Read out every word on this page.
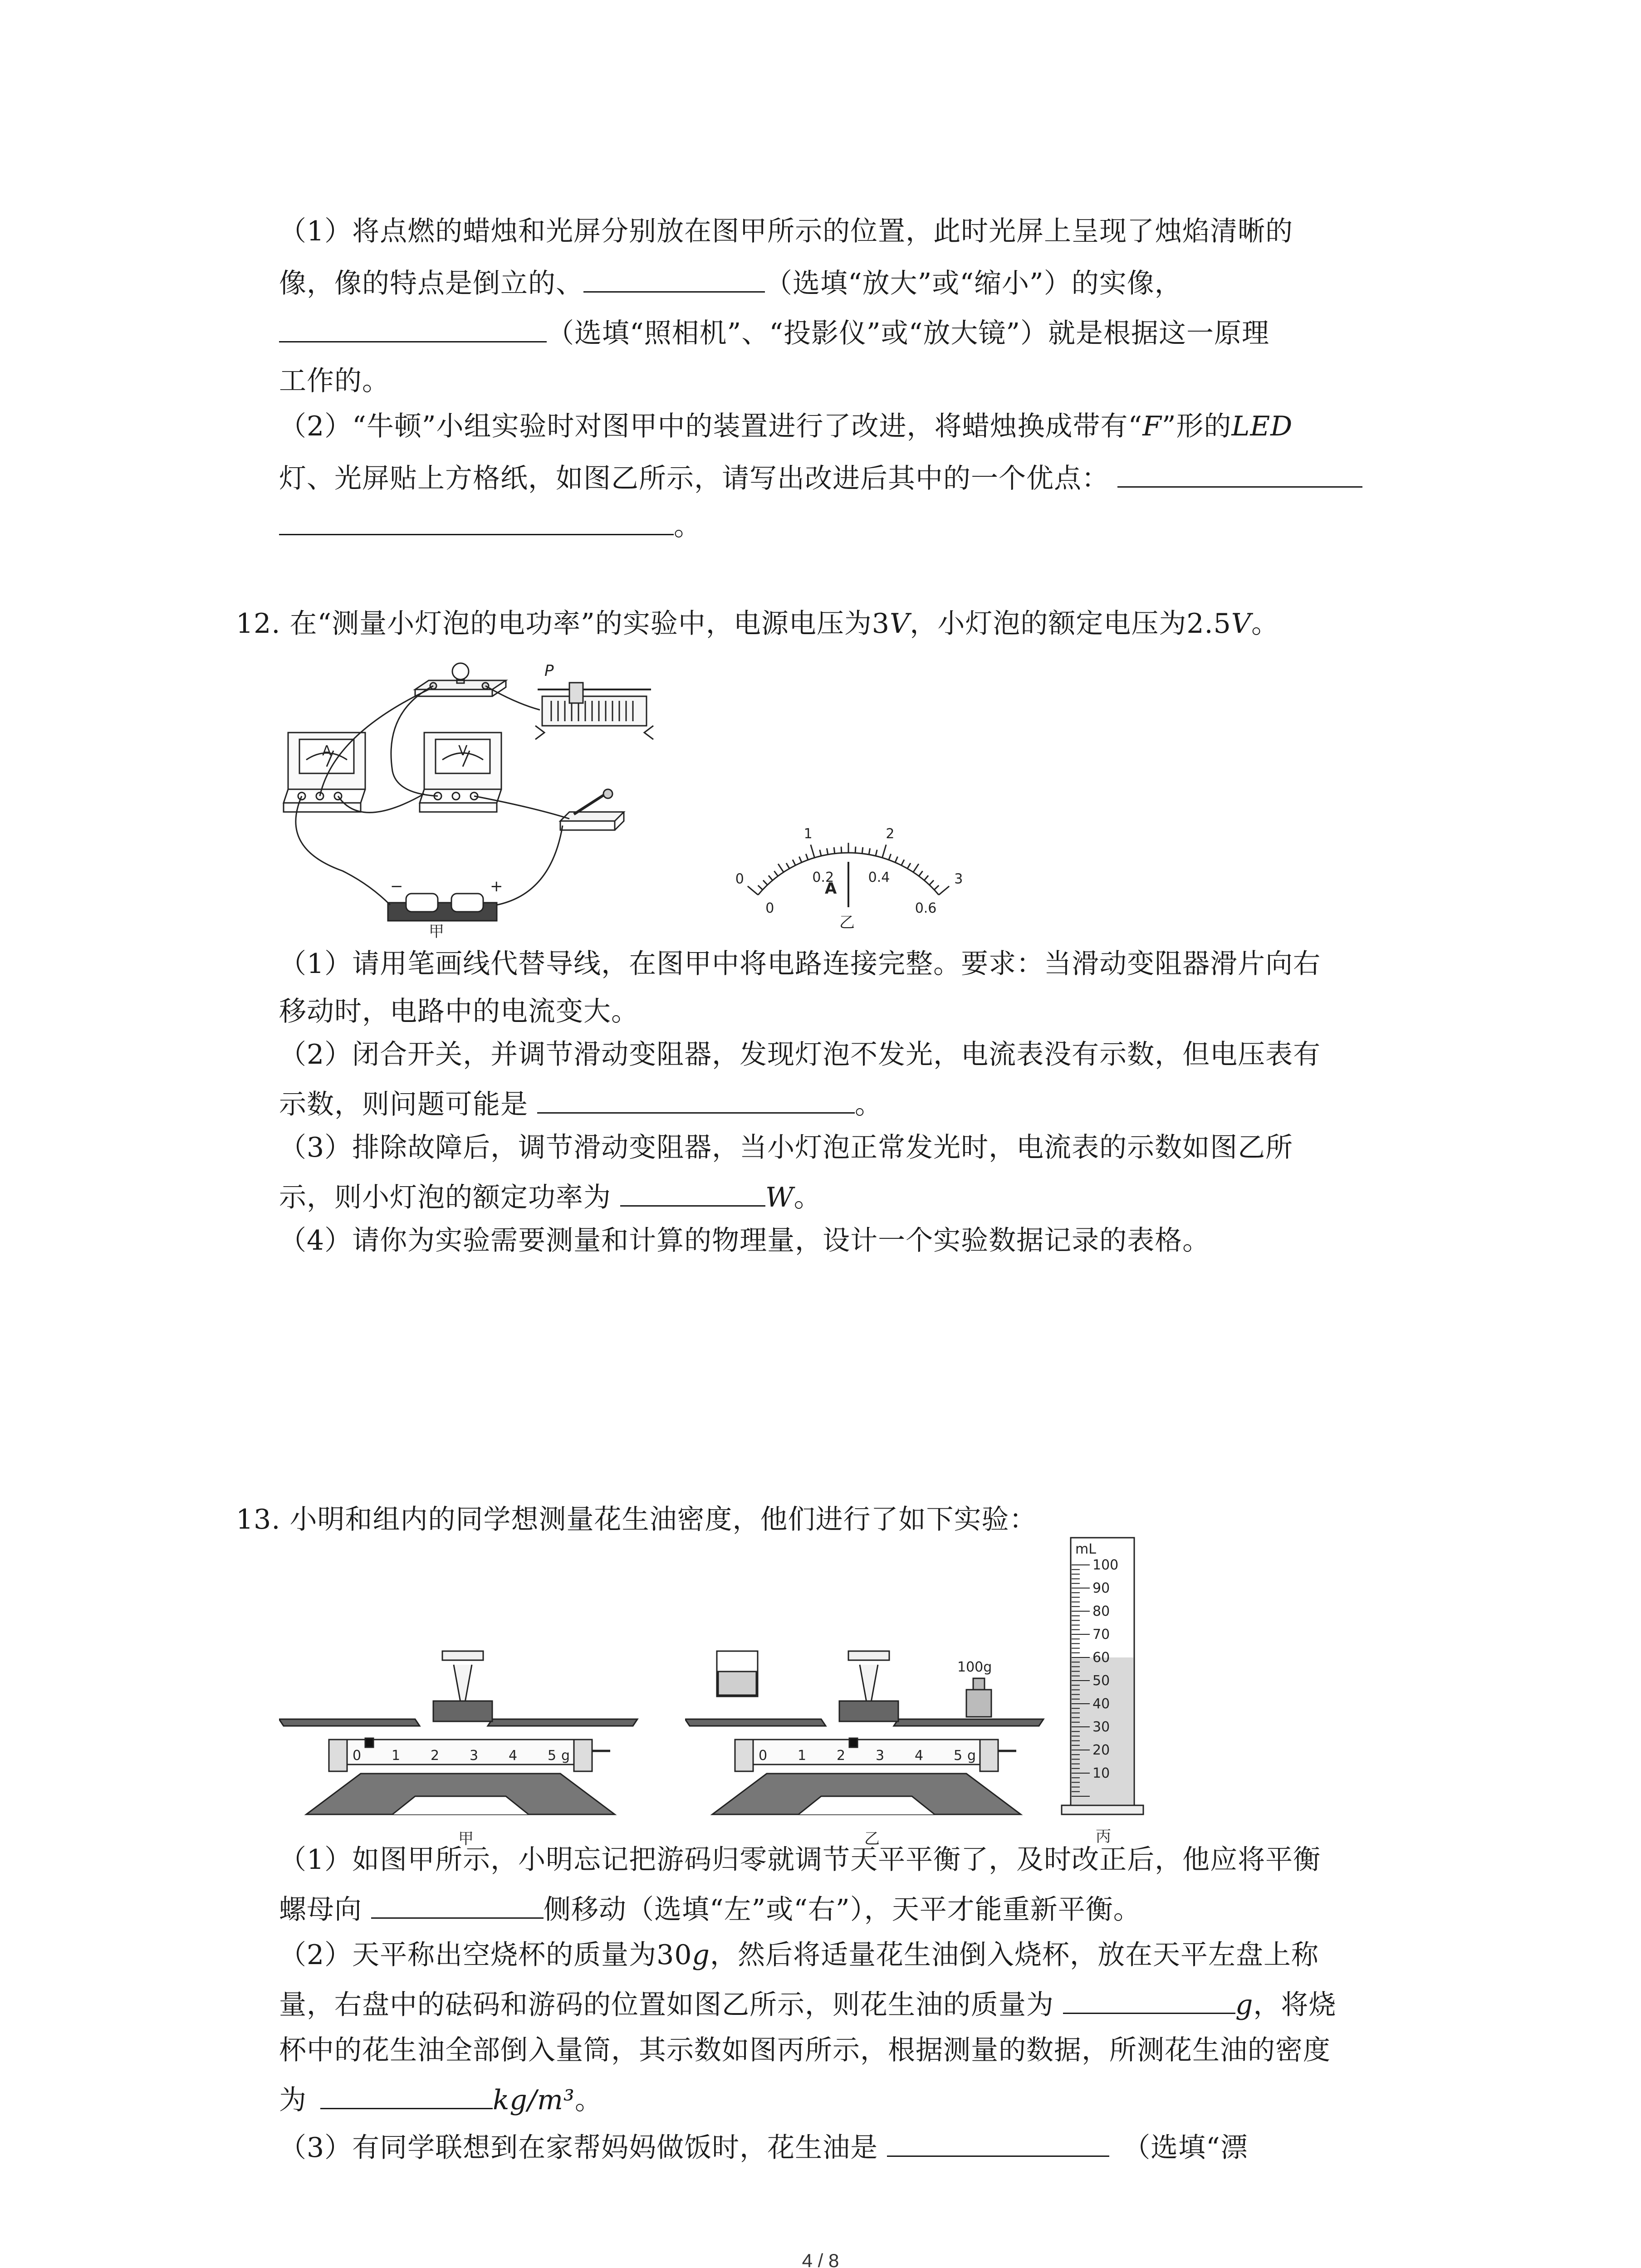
（1）将点燃的蜡烛和光屏分别放在图甲所示的位置，此时光屏上呈现了烛焰清晰的
像，像的特点是倒立的、	（选填“放大”或“缩小”）的实像，
（选填“照相机”、“投影仪”或“放大镜”）就是根据这一原理
工作的。
（2）“牛顿”小组实验时对图甲中的装置进行了改进，将蜡烛换成带有“F”形的LED
灯、光屏贴上方格纸，如图乙所示，请写出改进后其中的一个优点：
。
12. 在“测量小灯泡的电功率”的实验中，电源电压为3V，小灯泡的额定电压为2.5V。
P
A	V
−	+
甲
A
乙
0
1	2
3
0
0.2	0.4
0.6
（1）请用笔画线代替导线，在图甲中将电路连接完整。要求：当滑动变阻器滑片向右
移动时，电路中的电流变大。
（2）闭合开关，并调节滑动变阻器，发现灯泡不发光，电流表没有示数，但电压表有
示数，则问题可能是	。
（3）排除故障后，调节滑动变阻器，当小灯泡正常发光时，电流表的示数如图乙所
示，则小灯泡的额定功率为	W。
（4）请你为实验需要测量和计算的物理量，设计一个实验数据记录的表格。
13. 小明和组内的同学想测量花生油密度，他们进行了如下实验：
0 1 2 3 4 5 g
甲
100g
0 1 2 3 4 5 g
乙
mL
100
90
80
70
60
50
40
30
20
10
丙
（1）如图甲所示，小明忘记把游码归零就调节天平平衡了，及时改正后，他应将平衡
螺母向	侧移动（选填“左”或“右”），天平才能重新平衡。
（2）天平称出空烧杯的质量为30g，然后将适量花生油倒入烧杯，放在天平左盘上称
量，右盘中的砝码和游码的位置如图乙所示，则花生油的质量为	g，将烧
杯中的花生油全部倒入量筒，其示数如图丙所示，根据测量的数据，所测花生油的密度
为	kg/m³。
（3）有同学联想到在家帮妈妈做饭时，花生油是	（选填“漂
4 / 8
